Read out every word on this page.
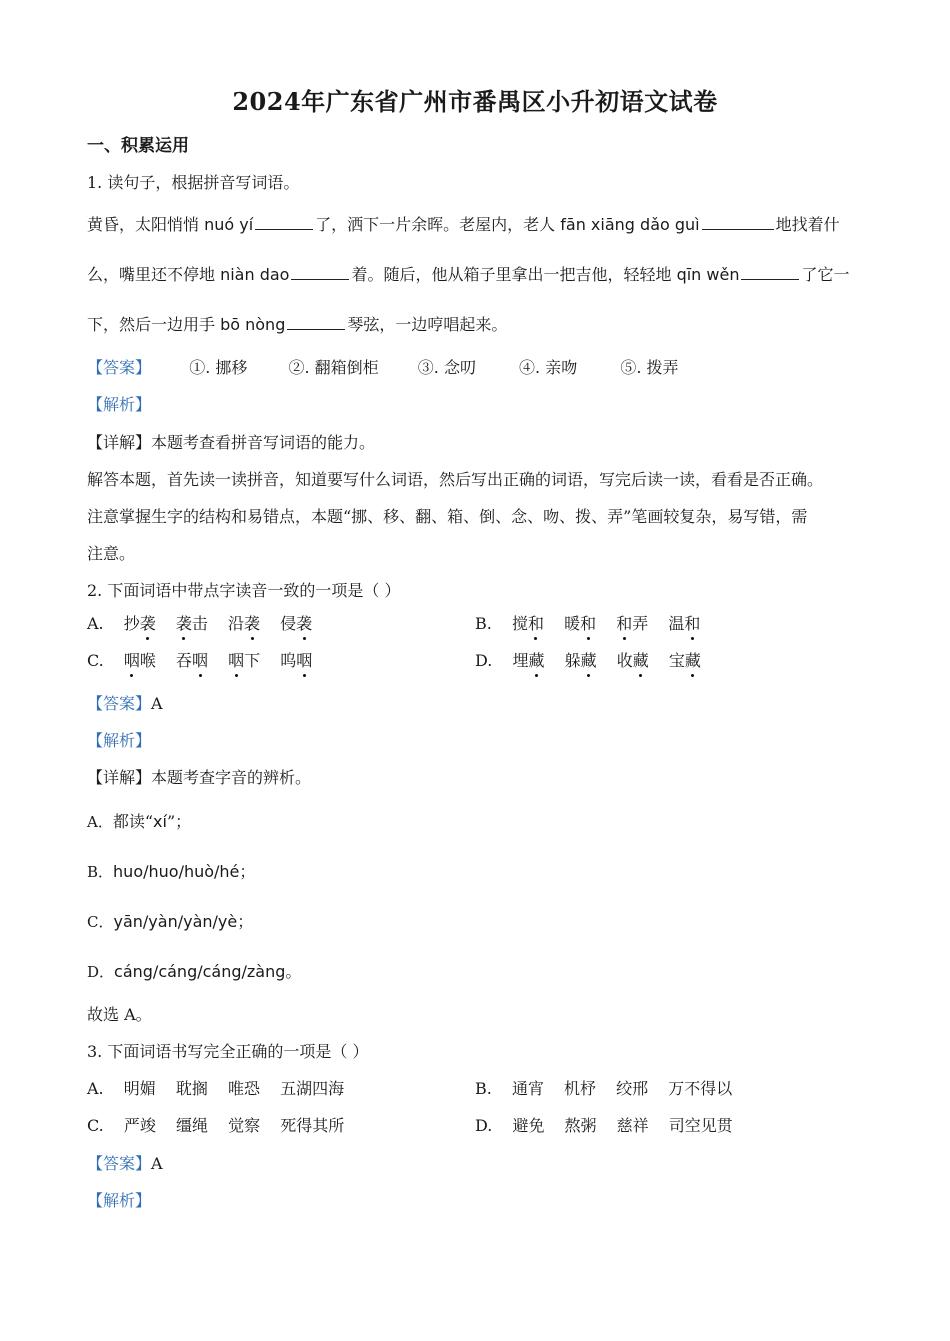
2024年广东省广州市番禺区小升初语文试卷
一、积累运用
1. 读句子，根据拼音写词语。
黄昏，太阳悄悄 nuó yí	了，洒下一片余晖。老屋内，老人 fān xiāng dǎo guì	地找着什
么，嘴里还不停地 niàn dao	着。随后，他从箱子里拿出一把吉他，轻轻地 qīn wěn	了它一
下，然后一边用手 bō nòng	琴弦，一边哼唱起来。
【答案】 ①. 挪移	②. 翻箱倒柜 ③. 念叨	④. 亲吻	⑤. 拨弄
【解析】
【详解】本题考查看拼音写词语的能力。
解答本题，首先读一读拼音，知道要写什么词语，然后写出正确的词语，写完后读一读，看看是否正确。
注意掌握生字的结构和易错点，本题“挪、移、翻、箱、倒、念、吻、拨、弄”笔画较复杂，易写错，需
注意。
2. 下面词语中带点字读音一致的一项是（ ）
A. 抄袭 袭击 沿袭 侵袭	B. 搅和 暖和 和弄 温和
C. 咽喉 吞咽 咽下 呜咽	D. 埋藏 躲藏 收藏 宝藏
【答案】A
【解析】
【详解】本题考查字音的辨析。
A．都读“xí”；
B．huo/huo/huò/hé；
C．yān/yàn/yàn/yè；
D．cáng/cáng/cáng/zàng。
故选 A。
3. 下面词语书写完全正确的一项是（ ）
A. 明媚 耽搁 唯恐 五湖四海	B. 通宵 机杼 绞邢 万不得以
C. 严竣 缰绳 觉察 死得其所	D. 避免 熬粥 慈祥 司空见贯
【答案】A
【解析】
